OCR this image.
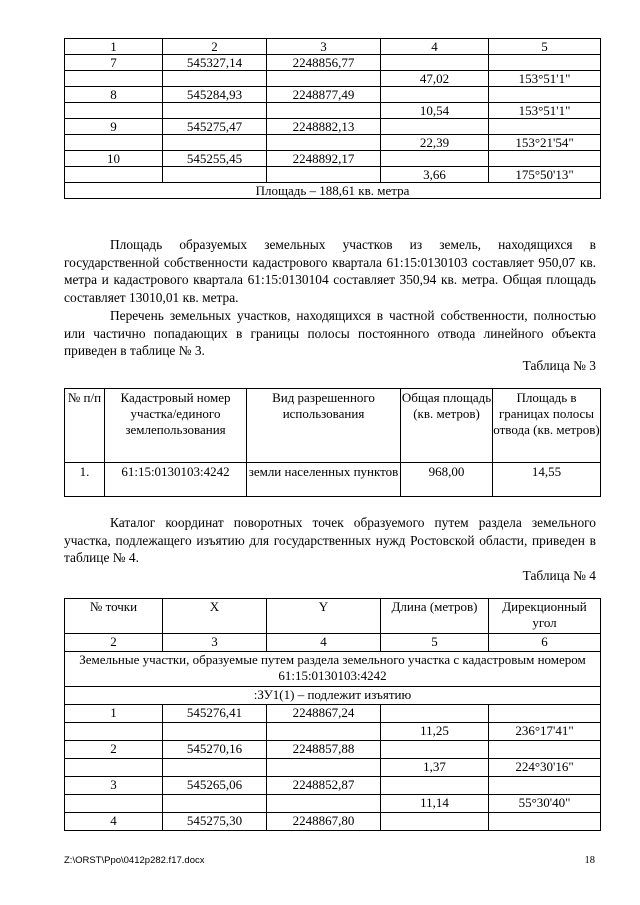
1	2	3	4	5
7	545327,14	2248856,77		
			47,02	153°51'1"
8	545284,93	2248877,49		
			10,54	153°51'1"
9	545275,47	2248882,13		
			22,39	153°21'54"
10	545255,45	2248892,17		
			3,66	175°50'13"
Площадь – 188,61 кв. метра				

Площадь образуемых земельных участков из земель, находящихся в государственной собственности кадастрового квартала 61:15:0130103 составляет 950,07 кв. метра и кадастрового квартала 61:15:0130104 составляет 350,94 кв. метра. Общая площадь составляет 13010,01 кв. метра.

Перечень земельных участков, находящихся в частной собственности, полностью или частично попадающих в границы полосы постоянного отвода линейного объекта приведен в таблице № 3.

Таблица № 3

№ п/п	Кадастровый номер участка/единого землепользования	Вид разрешенного использования	Общая площадь (кв. метров)	Площадь в границах полосы отвода (кв. метров)
1.	61:15:0130103:4242	земли населенных пунктов	968,00	14,55

Каталог координат поворотных точек образуемого путем раздела земельного участка, подлежащего изъятию для государственных нужд Ростовской области, приведен в таблице № 4.

Таблица № 4

№ точки	X	Y	Длина (метров)	Дирекционный угол
2	3	4	5	6
Земельные участки, образуемые путем раздела земельного участка с кадастровым номером 61:15:0130103:4242				
:ЗУ1(1) – подлежит изъятию				
1	545276,41	2248867,24		
			11,25	236°17'41"
2	545270,16	2248857,88		
			1,37	224°30'16"
3	545265,06	2248852,87		
			11,14	55°30'40"
4	545275,30	2248867,80		
Z:\ORST\Ppo\0412p282.f17.docx	18
